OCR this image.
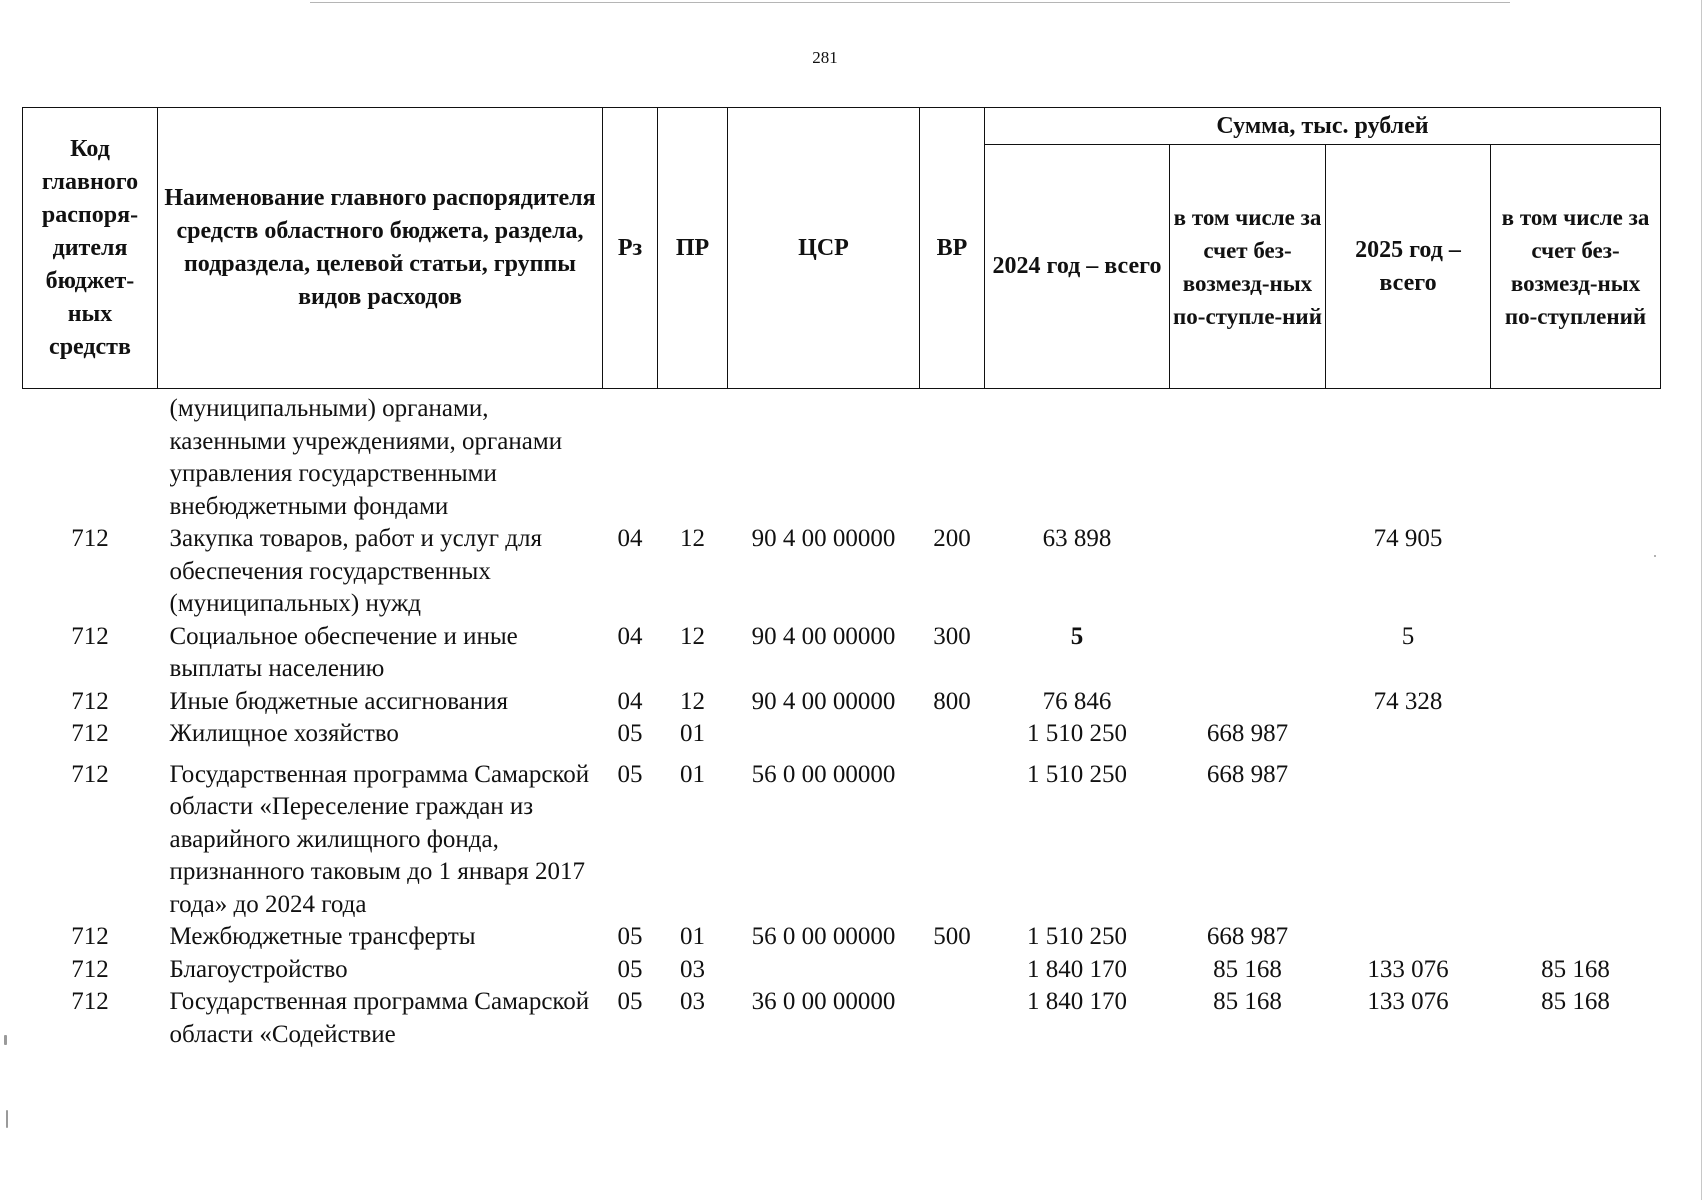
281
Код главного распоря-дителя бюджет-ных средств	Наименование главного распорядителя средств областного бюджета, раздела, подраздела, целевой статьи, группы видов расходов	Рз	ПР	ЦСР	ВР	Сумма, тыс. рублей			
						2024 год – всего	в том числе за счет без-возмезд-ных по-ступле-ний	2025 год – всего	в том числе за счет без-возмезд-ных по-ступлений
	(муниципальными) органами, казенными учреждениями, органами управления государственными внебюджетными фондами								
712	Закупка товаров, работ и услуг для обеспечения государственных (муниципальных) нужд	04	12	90 4 00 00000	200	63 898		74 905	
712	Социальное обеспечение и иные выплаты населению	04	12	90 4 00 00000	300	5		5	
712	Иные бюджетные ассигнования	04	12	90 4 00 00000	800	76 846		74 328	
712	Жилищное хозяйство	05	01			1 510 250	668 987		
712	Государственная программа Самарской области «Переселение граждан из аварийного жилищного фонда, признанного таковым до 1 января 2017 года» до 2024 года	05	01	56 0 00 00000		1 510 250	668 987		
712	Межбюджетные трансферты	05	01	56 0 00 00000	500	1 510 250	668 987		
712	Благоустройство	05	03			1 840 170	85 168	133 076	85 168
712	Государственная программа Самарской области «Содействие	05	03	36 0 00 00000		1 840 170	85 168	133 076	85 168
